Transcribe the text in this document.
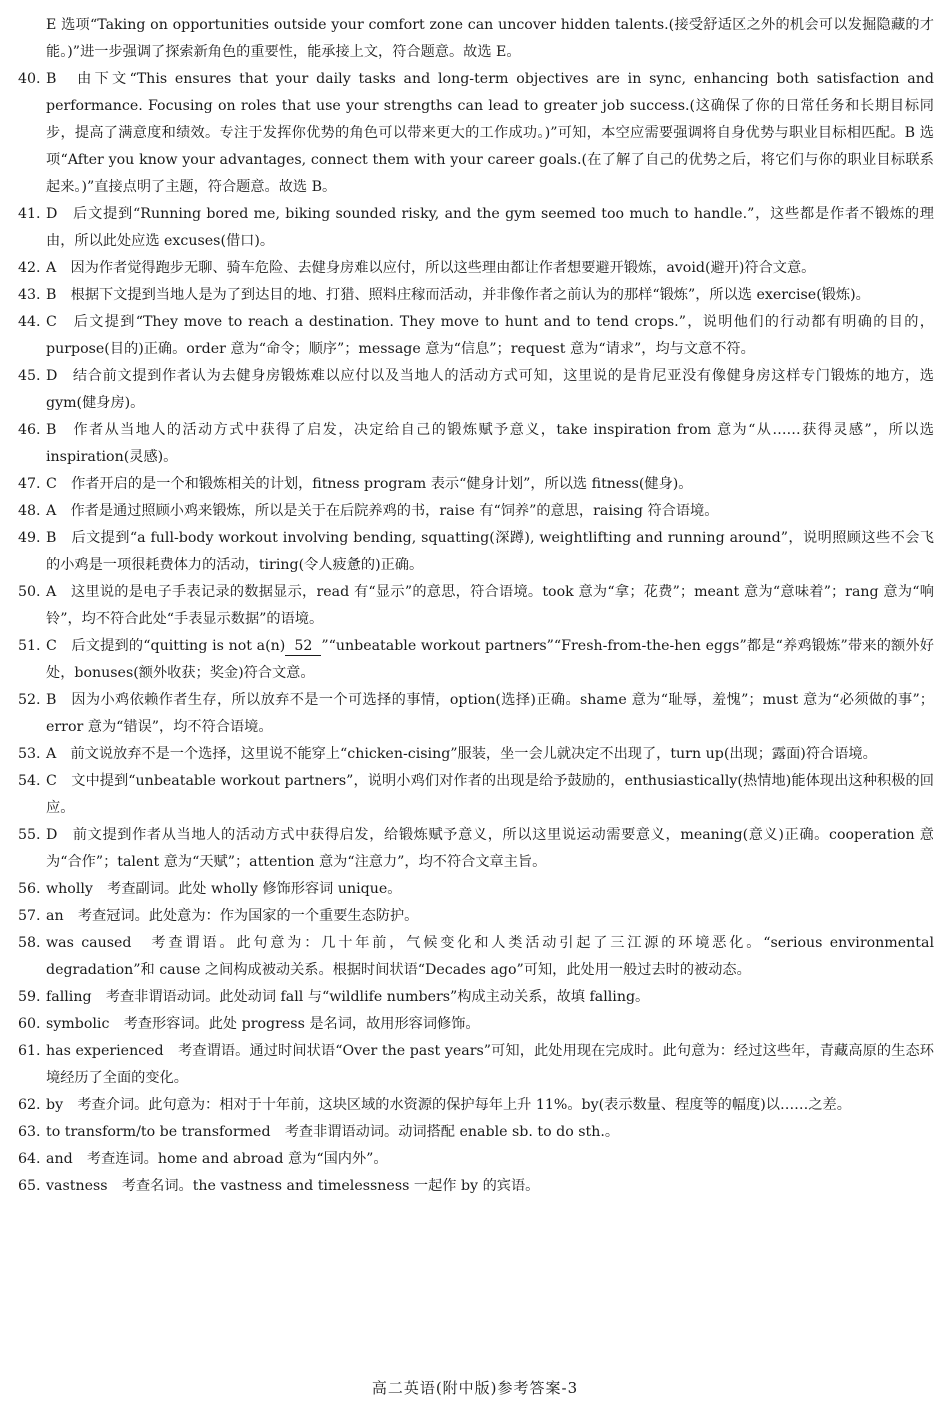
E 选项“Taking on opportunities outside your comfort zone can uncover hidden talents.(接受舒适区之外的机会可以发掘隐藏的才能。)”进一步强调了探索新角色的重要性，能承接上文，符合题意。故选 E。

40. B　 由下文“This ensures that your daily tasks and long-term objectives are in sync, enhancing both satisfaction and performance. Focusing on roles that use your strengths can lead to greater job success.(这确保了你的日常任务和长期目标同步，提高了满意度和绩效。专注于发挥你优势的角色可以带来更大的工作成功。)”可知，本空应需要强调将自身优势与职业目标相匹配。B 选项“After you know your advantages, connect them with your career goals.(在了解了自己的优势之后，将它们与你的职业目标联系起来。)”直接点明了主题，符合题意。故选 B。
41. D　 后文提到“Running bored me, biking sounded risky, and the gym seemed too much to handle.”，这些都是作者不锻炼的理由，所以此处应选 excuses(借口)。
42. A　 因为作者觉得跑步无聊、骑车危险、去健身房难以应付，所以这些理由都让作者想要避开锻炼，avoid(避开)符合文意。
43. B　 根据下文提到当地人是为了到达目的地、打猎、照料庄稼而活动，并非像作者之前认为的那样“锻炼”，所以选 exercise(锻炼)。
44. C　 后文提到“They move to reach a destination. They move to hunt and to tend crops.”，说明他们的行动都有明确的目的，purpose(目的)正确。order 意为“命令；顺序”；message 意为“信息”；request 意为“请求”，均与文意不符。
45. D　 结合前文提到作者认为去健身房锻炼难以应付以及当地人的活动方式可知，这里说的是肯尼亚没有像健身房这样专门锻炼的地方，选 gym(健身房)。
46. B　 作者从当地人的活动方式中获得了启发，决定给自己的锻炼赋予意义，take inspiration from 意为“从……获得灵感”，所以选 inspiration(灵感)。
47. C　 作者开启的是一个和锻炼相关的计划，fitness program 表示“健身计划”，所以选 fitness(健身)。
48. A　 作者是通过照顾小鸡来锻炼，所以是关于在后院养鸡的书，raise 有“饲养”的意思，raising 符合语境。
49. B　 后文提到“a full-body workout involving bending, squatting(深蹲), weightlifting and running around”，说明照顾这些不会飞的小鸡是一项很耗费体力的活动，tiring(令人疲惫的)正确。
50. A　 这里说的是电子手表记录的数据显示，read 有“显示”的意思，符合语境。took 意为“拿；花费”；meant 意为“意味着”；rang 意为“响铃”，均不符合此处“手表显示数据”的语境。
51. C　 后文提到的“quitting is not a(n) 52 ”“unbeatable workout partners”“Fresh-from-the-hen eggs”都是“养鸡锻炼”带来的额外好处，bonuses(额外收获；奖金)符合文意。
52. B　 因为小鸡依赖作者生存，所以放弃不是一个可选择的事情，option(选择)正确。shame 意为“耻辱，羞愧”；must 意为“必须做的事”；error 意为“错误”，均不符合语境。
53. A　 前文说放弃不是一个选择，这里说不能穿上“chicken-cising”服装，坐一会儿就决定不出现了，turn up(出现；露面)符合语境。
54. C　 文中提到“unbeatable workout partners”，说明小鸡们对作者的出现是给予鼓励的，enthusiastically(热情地)能体现出这种积极的回应。
55. D　 前文提到作者从当地人的活动方式中获得启发，给锻炼赋予意义，所以这里说运动需要意义，meaning(意义)正确。cooperation 意为“合作”；talent 意为“天赋”；attention 意为“注意力”，均不符合文章主旨。
56. wholly　 考查副词。此处 wholly 修饰形容词 unique。
57. an　 考查冠词。此处意为：作为国家的一个重要生态防护。
58. was caused　 考查谓语。此句意为：几十年前，气候变化和人类活动引起了三江源的环境恶化。“serious environmental degradation”和 cause 之间构成被动关系。根据时间状语“Decades ago”可知，此处用一般过去时的被动态。
59. falling　 考查非谓语动词。此处动词 fall 与“wildlife numbers”构成主动关系，故填 falling。
60. symbolic　 考查形容词。此处 progress 是名词，故用形容词修饰。
61. has experienced　 考查谓语。通过时间状语“Over the past years”可知，此处用现在完成时。此句意为：经过这些年，青藏高原的生态环境经历了全面的变化。
62. by　 考查介词。此句意为：相对于十年前，这块区域的水资源的保护每年上升 11%。by(表示数量、程度等的幅度)以……之差。
63. to transform/to be transformed　 考查非谓语动词。动词搭配 enable sb. to do sth.。
64. and　 考查连词。home and abroad 意为“国内外”。
65. vastness　 考查名词。the vastness and timelessness 一起作 by 的宾语。
高二英语(附中版)参考答案-3
